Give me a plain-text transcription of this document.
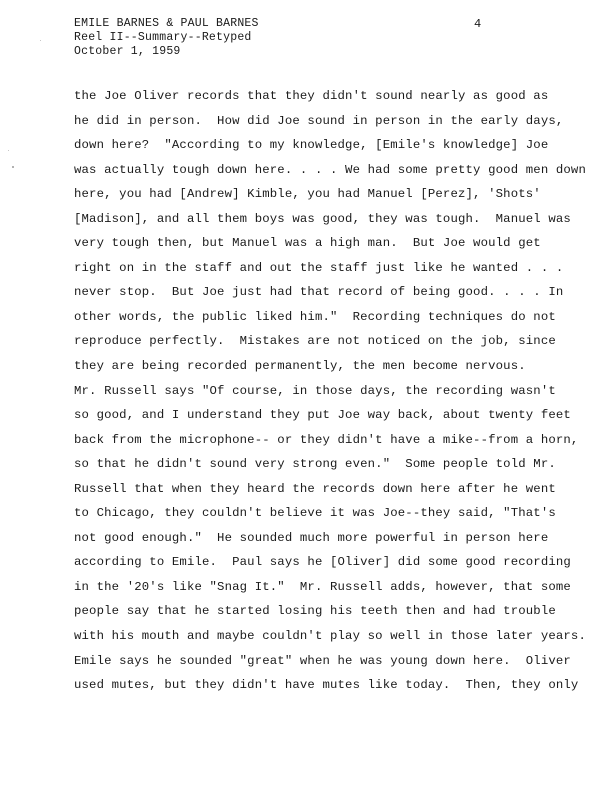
EMILE BARNES & PAUL BARNES
Reel II--Summary--Retyped
October 1, 1959
4
the Joe Oliver records that they didn't sound nearly as good as
he did in person.  How did Joe sound in person in the early days,
down here?  "According to my knowledge, [Emile's knowledge] Joe
was actually tough down here. . . . We had some pretty good men down
here, you had [Andrew] Kimble, you had Manuel [Perez], 'Shots'
[Madison], and all them boys was good, they was tough.  Manuel was
very tough then, but Manuel was a high man.  But Joe would get
right on in the staff and out the staff just like he wanted . . .
never stop.  But Joe just had that record of being good. . . . In
other words, the public liked him."  Recording techniques do not
reproduce perfectly.  Mistakes are not noticed on the job, since
they are being recorded permanently, the men become nervous.
Mr. Russell says "Of course, in those days, the recording wasn't
so good, and I understand they put Joe way back, about twenty feet
back from the microphone-- or they didn't have a mike--from a horn,
so that he didn't sound very strong even."  Some people told Mr.
Russell that when they heard the records down here after he went
to Chicago, they couldn't believe it was Joe--they said, "That's
not good enough."  He sounded much more powerful in person here
according to Emile.  Paul says he [Oliver] did some good recording
in the '20's like "Snag It."  Mr. Russell adds, however, that some
people say that he started losing his teeth then and had trouble
with his mouth and maybe couldn't play so well in those later years.
Emile says he sounded "great" when he was young down here.  Oliver
used mutes, but they didn't have mutes like today.  Then, they only
